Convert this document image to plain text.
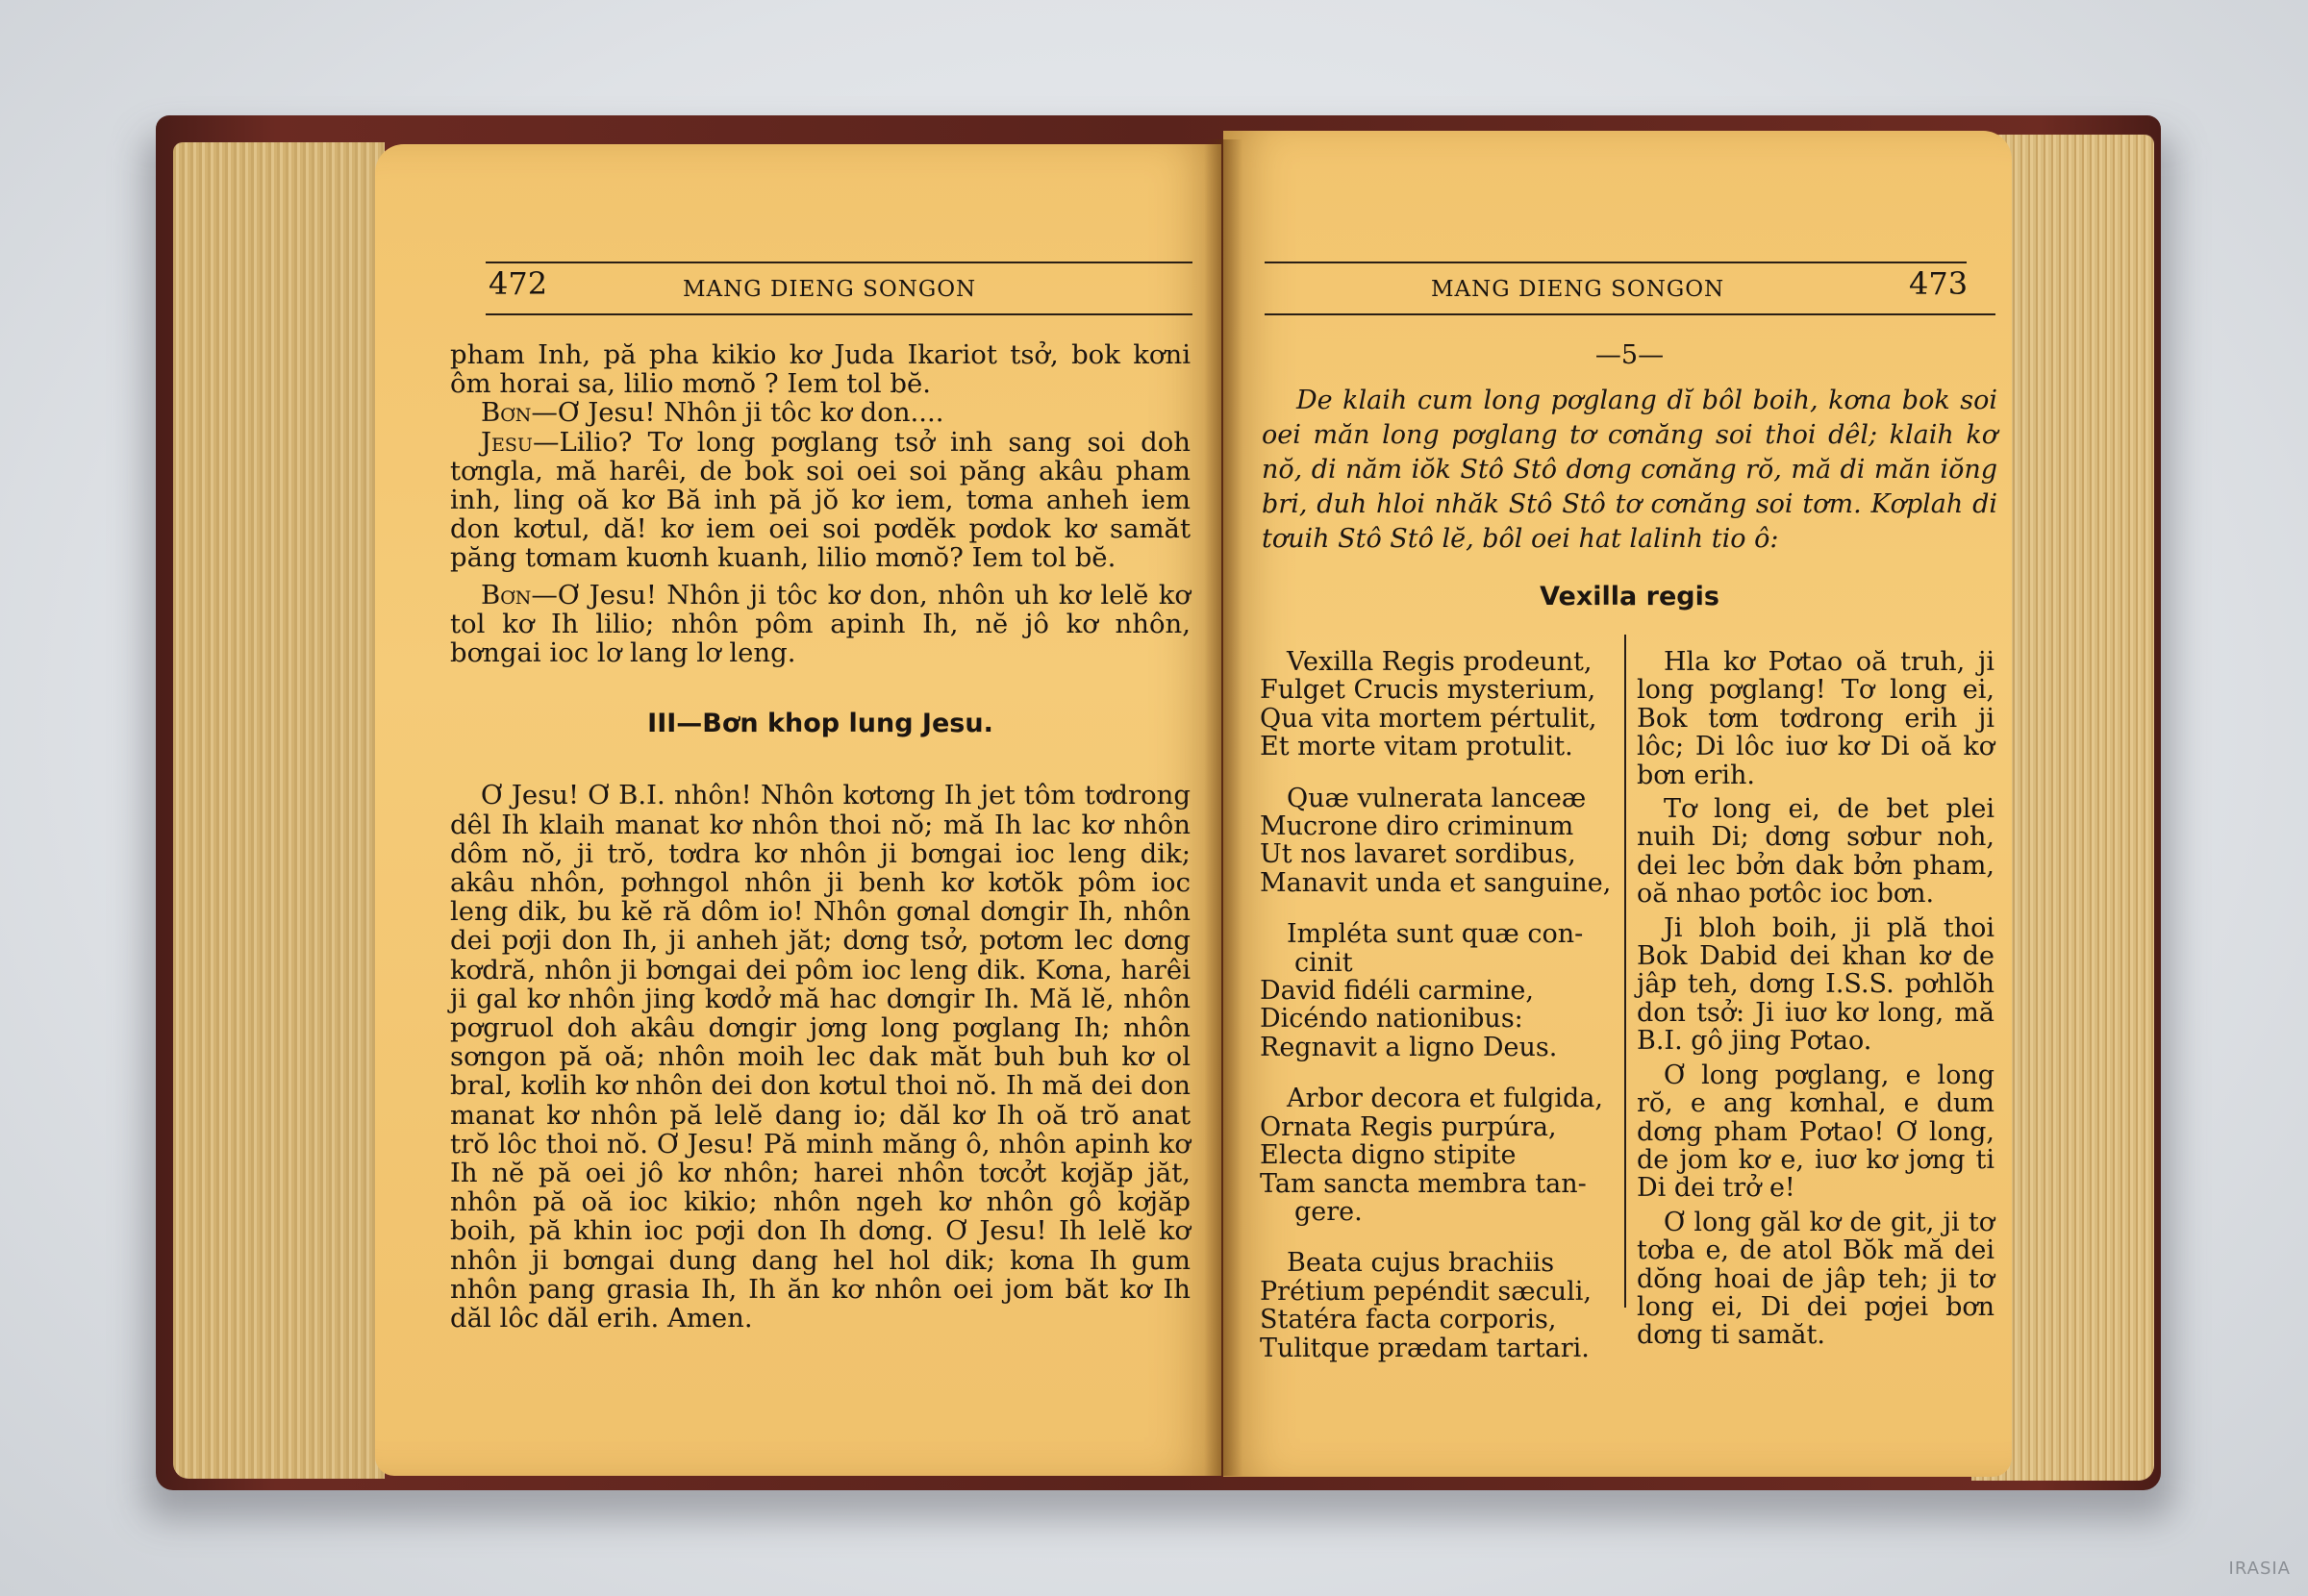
472	MANG DIENG SONGON

pham Inh, pă pha kikio kơ Juda Ikariot tsở, bok kơni ôm horai sa, lilio mơnŏ ? Iem tol bĕ.

Bơn—Ơ Jesu! Nhôn ji tôc kơ don....

Jesu—Lilio? Tơ long pơglang tsở inh sang soi doh tơngla, mă harêi, de bok soi oei soi păng akâu pham inh, ling oă kơ Bă inh pă jŏ kơ iem, tơma anheh iem don kơtul, dă! kơ iem oei soi pơdĕk pơdok kơ samăt păng tơmam kuơnh kuanh, lilio mơnŏ? Iem tol bĕ.

Bơn—Ơ Jesu! Nhôn ji tôc kơ don, nhôn uh kơ lelĕ kơ tol kơ Ih lilio; nhôn pôm apinh Ih, nĕ jô kơ nhôn, bơngai ioc lơ lang lơ leng.

III—Bơn khop lung Jesu.

Ơ Jesu! Ơ B.I. nhôn! Nhôn kơtơng Ih jet tôm tơdrong dêl Ih klaih manat kơ nhôn thoi nŏ; mă Ih lac kơ nhôn dôm nŏ, ji trŏ, tơdra kơ nhôn ji bơngai ioc leng dik; akâu nhôn, pơhngol nhôn ji benh kơ kơtŏk pôm ioc leng dik, bu kĕ ră dôm io! Nhôn gơnal dơngir Ih, nhôn dei pơji don Ih, ji anheh jăt; dơng tsở, pơtơm lec dơng kơdră, nhôn ji bơngai dei pôm ioc leng dik. Kơna, harêi ji gal kơ nhôn jing kơdở mă hac dơngir Ih. Mă lĕ, nhôn pơgruol doh akâu dơngir jơng long pơglang Ih; nhôn sơngon pă oă; nhôn moih lec dak măt buh buh kơ ol bral, kơlih kơ nhôn dei don kơtul thoi nŏ. Ih mă dei don manat kơ nhôn pă lelĕ dang io; dăl kơ Ih oă trŏ anat trŏ lôc thoi nŏ. Ơ Jesu! Pă minh măng ô, nhôn apinh kơ Ih nĕ pă oei jô kơ nhôn; harei nhôn tơcởt kơjăp jăt, nhôn pă oă ioc kikio; nhôn ngeh kơ nhôn gô kơjăp boih, pă khin ioc pơji don Ih dơng. Ơ Jesu! Ih lelĕ kơ nhôn ji bơngai dung dang hel hol dik; kơna Ih gum nhôn pang grasia Ih, Ih ăn kơ nhôn oei jom băt kơ Ih dăl lôc dăl erih. Amen.

MANG DIENG SONGON	473

—5—

De klaih cum long pơglang dĭ bôl boih, kơna bok soi oei măn long pơglang tơ cơnăng soi thoi dêl; klaih kơ nŏ, di năm iŏk Stô Stô dơng cơnăng rŏ, mă di măn iŏng bri, duh hloi nhăk Stô Stô tơ cơnăng soi tơm. Kơplah di tơuih Stô Stô lĕ, bôl oei hat lalinh tio ô:

Vexilla regis

Vexilla Regis prodeunt,

Fulget Crucis mysterium,

Qua vita mortem pértulit,

Et morte vitam protulit.

Quæ vulnerata lanceæ

Mucrone diro criminum

Ut nos lavaret sordibus,

Manavit unda et sanguine,

Impléta sunt quæ con-

cinit

David fidéli carmine,

Dicéndo nationibus:

Regnavit a ligno Deus.

Arbor decora et fulgida,

Ornata Regis purpúra,

Electa digno stipite

Tam sancta membra tan-

gere.

Beata cujus brachiis

Prétium pepéndit sæculi,

Statéra facta corporis,

Tulitque prædam tartari.

Hla kơ Pơtao oă truh, ji long pơglang! Tơ long ei, Bok tơm tơdrong erih ji lôc; Di lôc iuơ kơ Di oă kơ bơn erih.

Tơ long ei, de bet plei nuih Di; dơng sơbur noh, dei lec bởn dak bởn pham, oă nhao pơtôc ioc bơn.

Ji bloh boih, ji plă thoi Bok Dabid dei khan kơ de jâp teh, dơng I.S.S. pơhlŏh don tsở: Ji iuơ kơ long, mă B.I. gô jing Pơtao.

Ơ long pơglang, e long rŏ, e ang kơnhal, e dum dơng pham Pơtao! Ơ long, de jom kơ e, iuơ kơ jơng ti Di dei trở e!

Ơ long găl kơ de git, ji tơ tơba e, de atol Bŏk mă dei dŏng hoai de jâp teh; ji tơ long ei, Di dei pơjei bơn dơng ti samăt.

IRASIA
